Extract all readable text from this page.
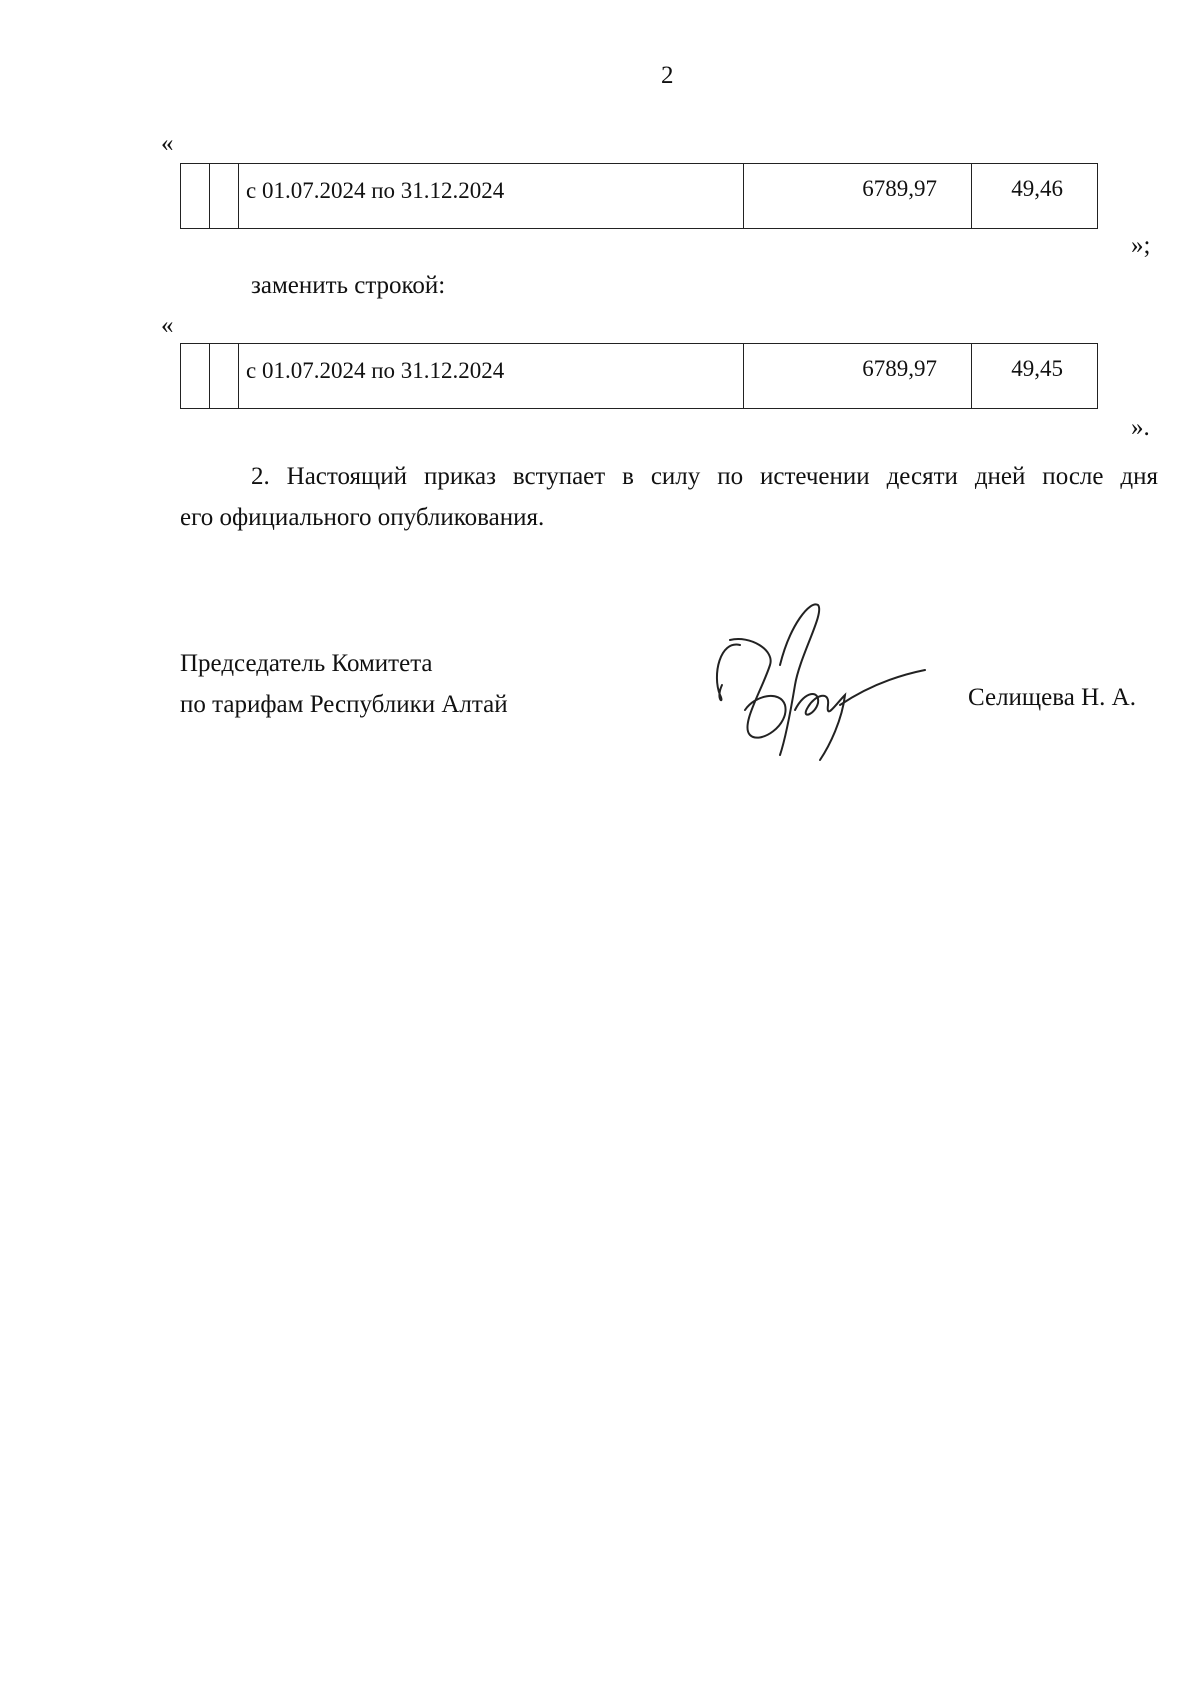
2
«
		с 01.07.2024 по 31.12.2024	6789,97	49,46
»;
заменить строкой:
«
		с 01.07.2024 по 31.12.2024	6789,97	49,45
».
2. Настоящий приказ вступает в силу по истечении десяти дней после дня
его официального опубликования.
Председатель Комитета
по тарифам Республики Алтай	Селищева Н. А.
